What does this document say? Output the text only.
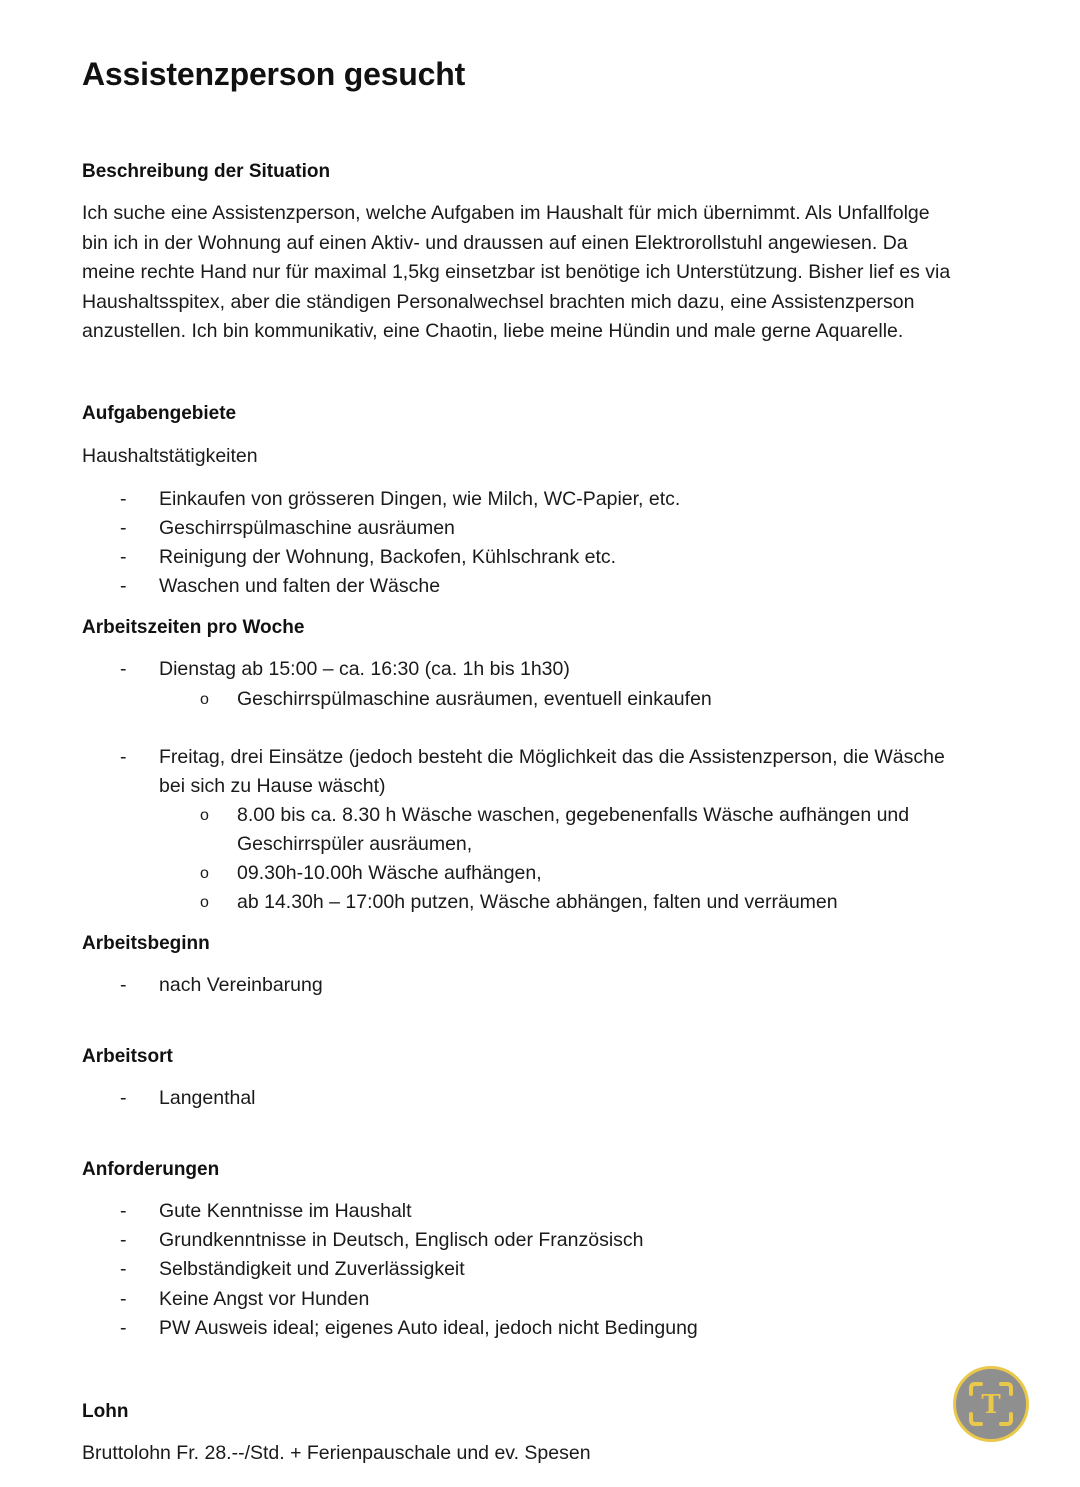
Assistenzperson gesucht
Beschreibung der Situation
Ich suche eine Assistenzperson, welche Aufgaben im Haushalt für mich übernimmt. Als Unfallfolge
bin ich in der Wohnung auf einen Aktiv- und draussen auf einen Elektrorollstuhl angewiesen. Da
meine rechte Hand nur für maximal 1,5kg einsetzbar ist benötige ich Unterstützung. Bisher lief es via
Haushaltsspitex, aber die ständigen Personalwechsel brachten mich dazu, eine Assistenzperson
anzustellen. Ich bin kommunikativ, eine Chaotin, liebe meine Hündin und male gerne Aquarelle.
Aufgabengebiete
Haushaltstätigkeiten
- Einkaufen von grösseren Dingen, wie Milch, WC-Papier, etc.
- Geschirrspülmaschine ausräumen
- Reinigung der Wohnung, Backofen, Kühlschrank etc.
- Waschen und falten der Wäsche
Arbeitszeiten pro Woche
- Dienstag ab 15:00 – ca. 16:30 (ca. 1h bis 1h30)
o Geschirrspülmaschine ausräumen, eventuell einkaufen
- Freitag, drei Einsätze (jedoch besteht die Möglichkeit das die Assistenzperson, die Wäsche
bei sich zu Hause wäscht)
o 8.00 bis ca. 8.30 h Wäsche waschen, gegebenenfalls Wäsche aufhängen und
Geschirrspüler ausräumen,
o 09.30h-10.00h Wäsche aufhängen,
o ab 14.30h – 17:00h putzen, Wäsche abhängen, falten und verräumen
Arbeitsbeginn
- nach Vereinbarung
Arbeitsort
- Langenthal
Anforderungen
- Gute Kenntnisse im Haushalt
- Grundkenntnisse in Deutsch, Englisch oder Französisch
- Selbständigkeit und Zuverlässigkeit
- Keine Angst vor Hunden
- PW Ausweis ideal; eigenes Auto ideal, jedoch nicht Bedingung
Lohn
Bruttolohn Fr. 28.--/Std. + Ferienpauschale und ev. Spesen
T
